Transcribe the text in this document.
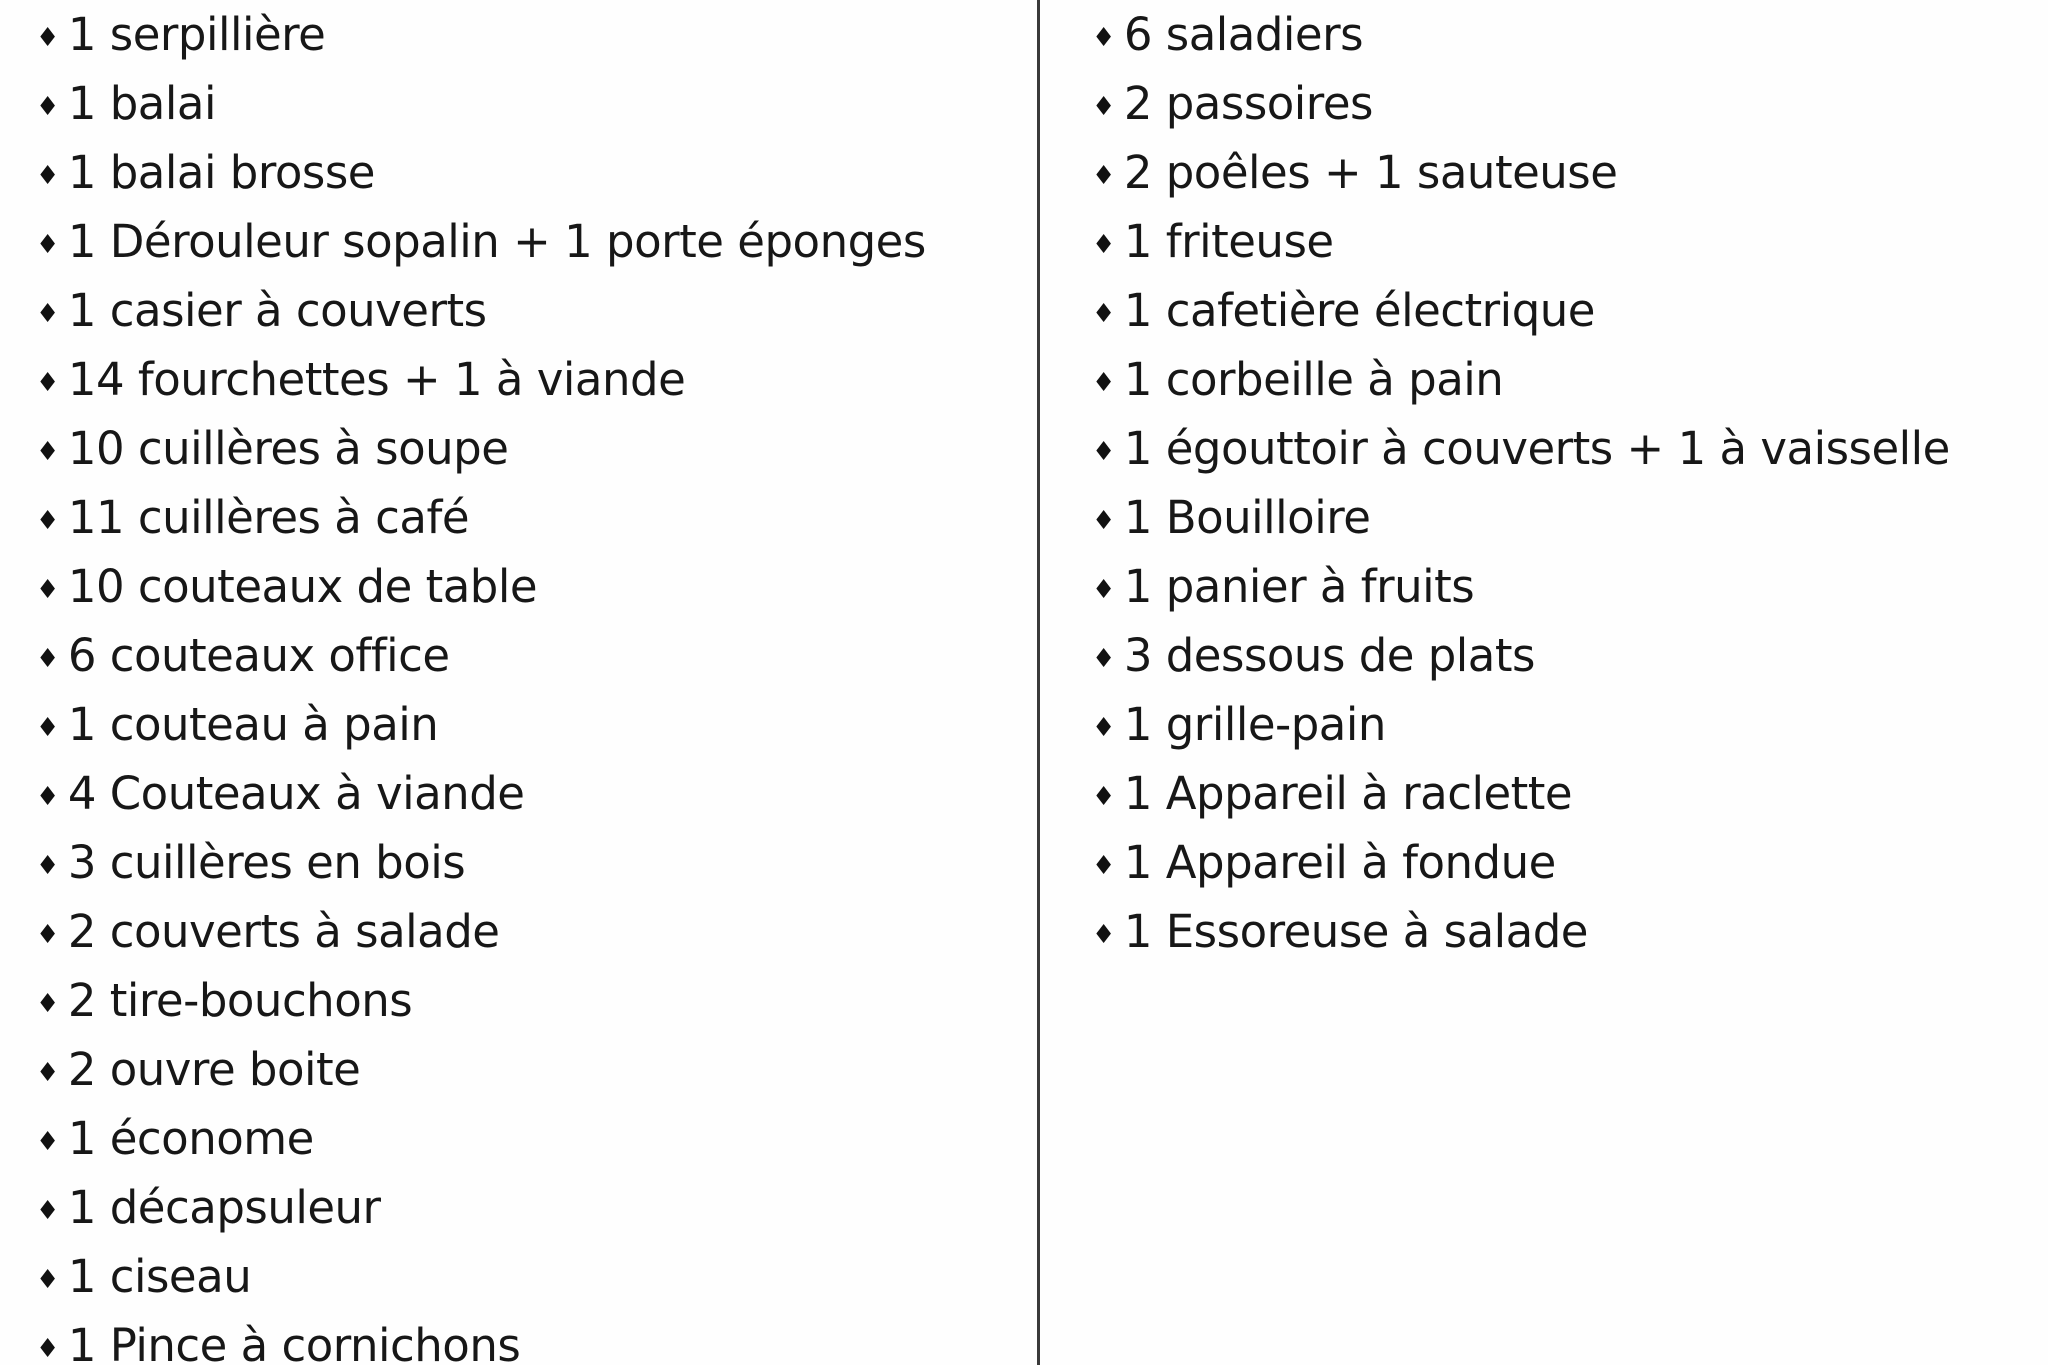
♦ 1 serpillière
♦ 1 balai
♦ 1 balai brosse
♦ 1 Dérouleur sopalin + 1 porte éponges
♦ 1 casier à couverts
♦ 14 fourchettes + 1 à viande
♦ 10 cuillères à soupe
♦ 11 cuillères à café
♦ 10 couteaux de table
♦ 6 couteaux office
♦ 1 couteau à pain
♦ 4 Couteaux à viande
♦ 3 cuillères en bois
♦ 2 couverts à salade
♦ 2 tire-bouchons
♦ 2 ouvre boite
♦ 1 économe
♦ 1 décapsuleur
♦ 1 ciseau
♦ 1 Pince à cornichons
♦ 6 saladiers
♦ 2 passoires
♦ 2 poêles + 1 sauteuse
♦ 1 friteuse
♦ 1 cafetière électrique
♦ 1 corbeille à pain
♦ 1 égouttoir à couverts + 1 à vaisselle
♦ 1 Bouilloire
♦ 1 panier à fruits
♦ 3 dessous de plats
♦ 1 grille-pain
♦ 1 Appareil à raclette
♦ 1 Appareil à fondue
♦ 1 Essoreuse à salade
